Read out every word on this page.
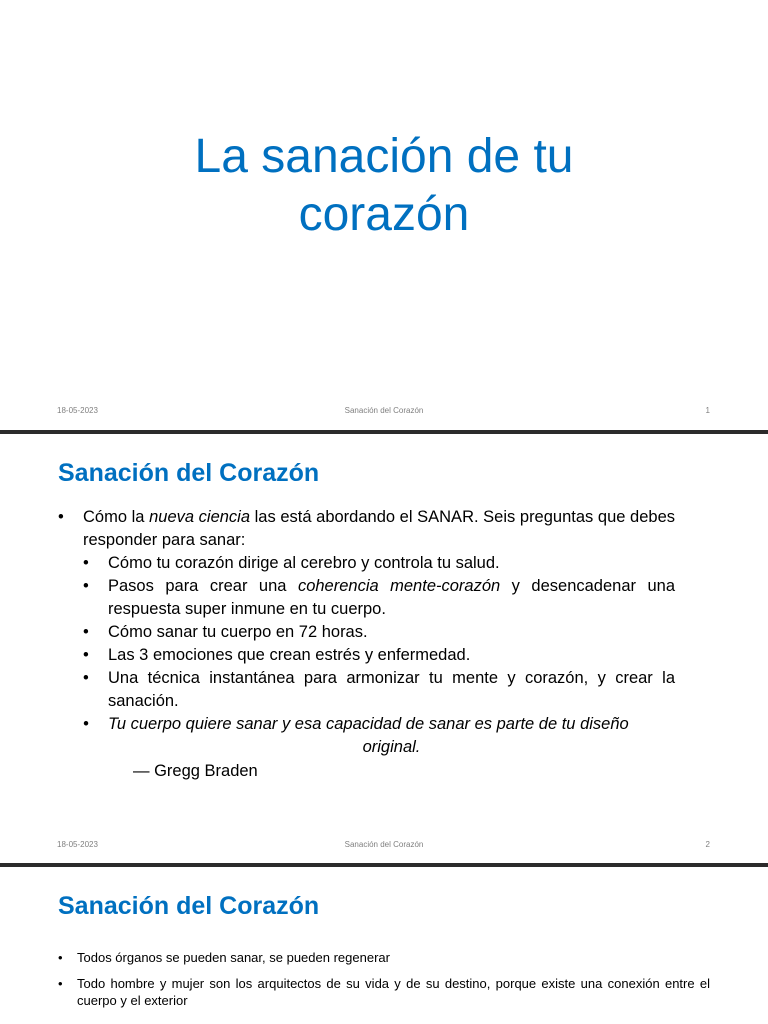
La sanación de tu
corazón
18-05-2023	Sanación del Corazón	1
Sanación del Corazón
• Cómo la nueva ciencia las está abordando el SANAR. Seis preguntas que debes responder para sanar:
• Cómo tu corazón dirige al cerebro y controla tu salud.
• Pasos para crear una coherencia mente-corazón y desencadenar una respuesta super inmune en tu cuerpo.
• Cómo sanar tu cuerpo en 72 horas.
• Las 3 emociones que crean estrés y enfermedad.
• Una técnica instantánea para armonizar tu mente y corazón, y crear la sanación.
• Tu cuerpo quiere sanar y esa capacidad de sanar es parte de tu diseño
original.
— Gregg Braden
18-05-2023	Sanación del Corazón	2
Sanación del Corazón
• Todos órganos se pueden sanar, se pueden regenerar
• Todo hombre y mujer son los arquitectos de su vida y de su destino, porque existe una conexión entre el cuerpo y el exterior
